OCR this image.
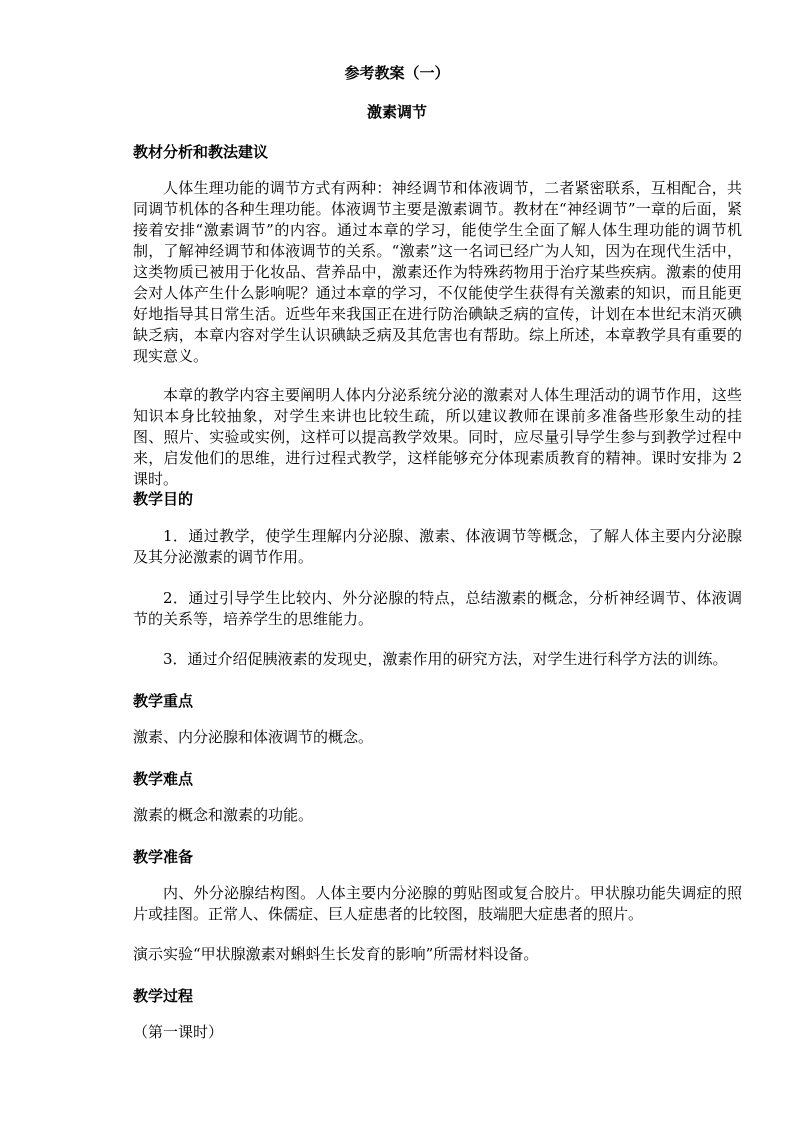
参考教案（一）
激素调节
教材分析和教法建议

人体生理功能的调节方式有两种：神经调节和体液调节，二者紧密联系，互相配合，共同调节机体的各种生理功能。体液调节主要是激素调节。教材在“神经调节”一章的后面，紧接着安排“激素调节”的内容。通过本章的学习，能使学生全面了解人体生理功能的调节机制，了解神经调节和体液调节的关系。“激素”这一名词已经广为人知，因为在现代生活中，这类物质已被用于化妆品、营养品中，激素还作为特殊药物用于治疗某些疾病。激素的使用会对人体产生什么影响呢？通过本章的学习，不仅能使学生获得有关激素的知识，而且能更好地指导其日常生活。近些年来我国正在进行防治碘缺乏病的宣传，计划在本世纪末消灭碘缺乏病，本章内容对学生认识碘缺乏病及其危害也有帮助。综上所述，本章教学具有重要的现实意义。

本章的教学内容主要阐明人体内分泌系统分泌的激素对人体生理活动的调节作用，这些知识本身比较抽象，对学生来讲也比较生疏，所以建议教师在课前多准备些形象生动的挂图、照片、实验或实例，这样可以提高教学效果。同时，应尽量引导学生参与到教学过程中来，启发他们的思维，进行过程式教学，这样能够充分体现素质教育的精神。课时安排为 2 课时。

教学目的

1．通过教学，使学生理解内分泌腺、激素、体液调节等概念，了解人体主要内分泌腺及其分泌激素的调节作用。

2．通过引导学生比较内、外分泌腺的特点，总结激素的概念，分析神经调节、体液调节的关系等，培养学生的思维能力。

3．通过介绍促胰液素的发现史，激素作用的研究方法，对学生进行科学方法的训练。

教学重点

激素、内分泌腺和体液调节的概念。

教学难点

激素的概念和激素的功能。

教学准备

内、外分泌腺结构图。人体主要内分泌腺的剪贴图或复合胶片。甲状腺功能失调症的照片或挂图。正常人、侏儒症、巨人症患者的比较图，肢端肥大症患者的照片。

演示实验“甲状腺激素对蝌蚪生长发育的影响”所需材料设备。

教学过程

（第一课时）
